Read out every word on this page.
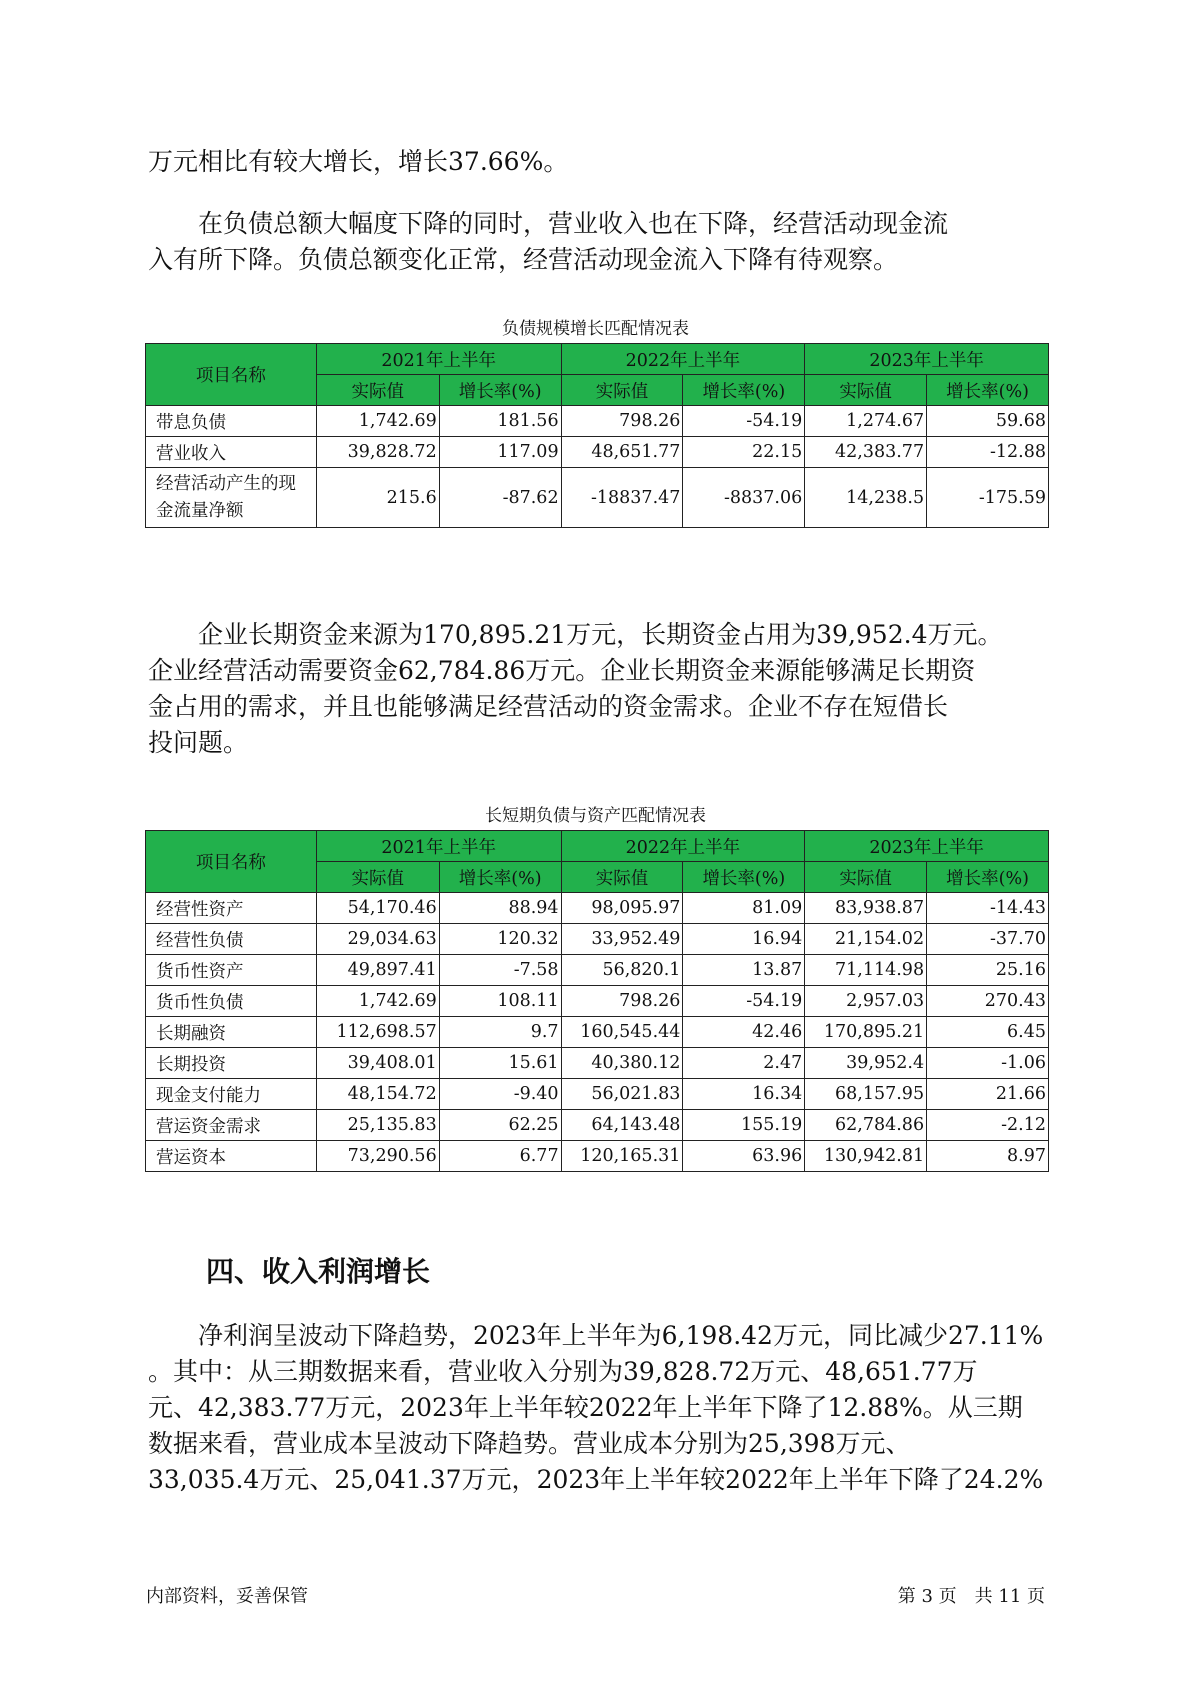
万元相比有较大增长，增长37.66%。
　　在负债总额大幅度下降的同时，营业收入也在下降，经营活动现金流
入有所下降。负债总额变化正常，经营活动现金流入下降有待观察。
负债规模增长匹配情况表
项目名称	2021年上半年		2022年上半年		2023年上半年	
	实际值	增长率(%)	实际值	增长率(%)	实际值	增长率(%)
带息负债	1,742.69	181.56	798.26	-54.19	1,274.67	59.68
营业收入	39,828.72	117.09	48,651.77	22.15	42,383.77	-12.88
经营活动产生的现金流量净额	215.6	-87.62	-18837.47	-8837.06	14,238.5	-175.59
　　企业长期资金来源为170,895.21万元，长期资金占用为39,952.4万元。
企业经营活动需要资金62,784.86万元。企业长期资金来源能够满足长期资
金占用的需求，并且也能够满足经营活动的资金需求。企业不存在短借长
投问题。
长短期负债与资产匹配情况表
项目名称	2021年上半年		2022年上半年		2023年上半年	
	实际值	增长率(%)	实际值	增长率(%)	实际值	增长率(%)
经营性资产	54,170.46	88.94	98,095.97	81.09	83,938.87	-14.43
经营性负债	29,034.63	120.32	33,952.49	16.94	21,154.02	-37.70
货币性资产	49,897.41	-7.58	56,820.1	13.87	71,114.98	25.16
货币性负债	1,742.69	108.11	798.26	-54.19	2,957.03	270.43
长期融资	112,698.57	9.7	160,545.44	42.46	170,895.21	6.45
长期投资	39,408.01	15.61	40,380.12	2.47	39,952.4	-1.06
现金支付能力	48,154.72	-9.40	56,021.83	16.34	68,157.95	21.66
营运资金需求	25,135.83	62.25	64,143.48	155.19	62,784.86	-2.12
营运资本	73,290.56	6.77	120,165.31	63.96	130,942.81	8.97
四、收入利润增长
　　净利润呈波动下降趋势，2023年上半年为6,198.42万元，同比减少27.11%
。其中：从三期数据来看，营业收入分别为39,828.72万元、48,651.77万
元、42,383.77万元，2023年上半年较2022年上半年下降了12.88%。从三期
数据来看，营业成本呈波动下降趋势。营业成本分别为25,398万元、
33,035.4万元、25,041.37万元，2023年上半年较2022年上半年下降了24.2%
内部资料，妥善保管	第 3 页　共 11 页
